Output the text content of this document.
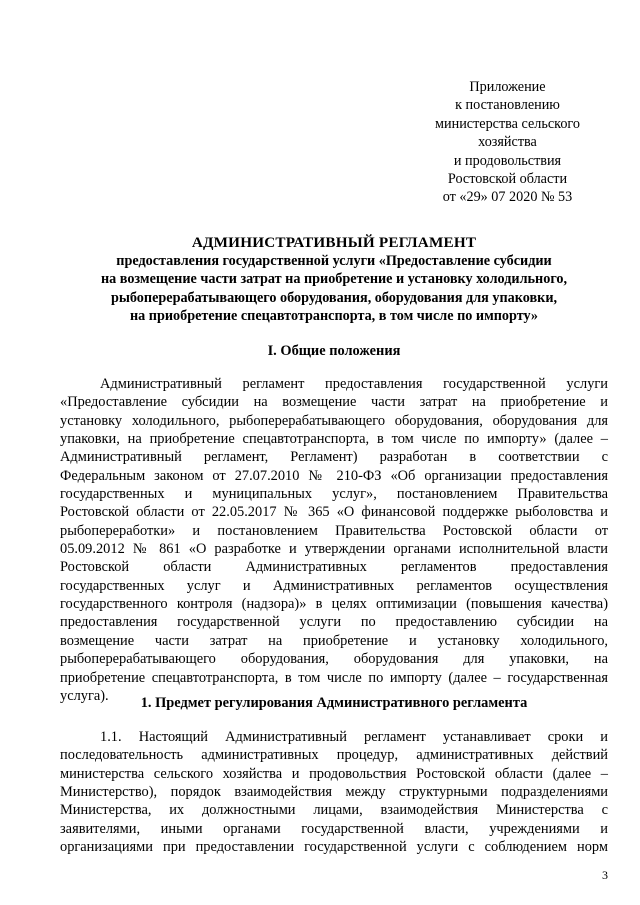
Приложение
к постановлению
министерства сельского
хозяйства
и продовольствия
Ростовской области
от «29» 07 2020 № 53
АДМИНИСТРАТИВНЫЙ РЕГЛАМЕНТ
предоставления государственной услуги «Предоставление субсидии
на возмещение части затрат на приобретение и установку холодильного,
рыбоперерабатывающего оборудования, оборудования для упаковки,
на приобретение спецавтотранспорта, в том числе по импорту»
I. Общие положения
Административный регламент предоставления государственной услуги
«Предоставление субсидии на возмещение части затрат на приобретение и
установку холодильного, рыбоперерабатывающего оборудования, оборудования для
упаковки, на приобретение спецавтотранспорта, в том числе по импорту» (далее –
Административный регламент, Регламент) разработан в соответствии с
Федеральным законом от 27.07.2010 № 210-ФЗ «Об организации предоставления
государственных и муниципальных услуг», постановлением Правительства
Ростовской области от 22.05.2017 № 365 «О финансовой поддержке рыболовства и
рыбопереработки» и постановлением Правительства Ростовской области от
05.09.2012 № 861 «О разработке и утверждении органами исполнительной власти
Ростовской области Административных регламентов предоставления
государственных услуг и Административных регламентов осуществления
государственного контроля (надзора)» в целях оптимизации (повышения качества)
предоставления государственной услуги по предоставлению субсидии на
возмещение части затрат на приобретение и установку холодильного,
рыбоперерабатывающего оборудования, оборудования для упаковки, на
приобретение спецавтотранспорта, в том числе по импорту (далее – государственная
услуга).	1. Предмет регулирования Административного регламента
1.1. Настоящий Административный регламент устанавливает сроки и
последовательность административных процедур, административных действий
министерства сельского хозяйства и продовольствия Ростовской области (далее –
Министерство), порядок взаимодействия между структурными подразделениями
Министерства, их должностными лицами, взаимодействия Министерства с
заявителями, иными органами государственной власти, учреждениями и
организациями при предоставлении государственной услуги с соблюдением норм
3
